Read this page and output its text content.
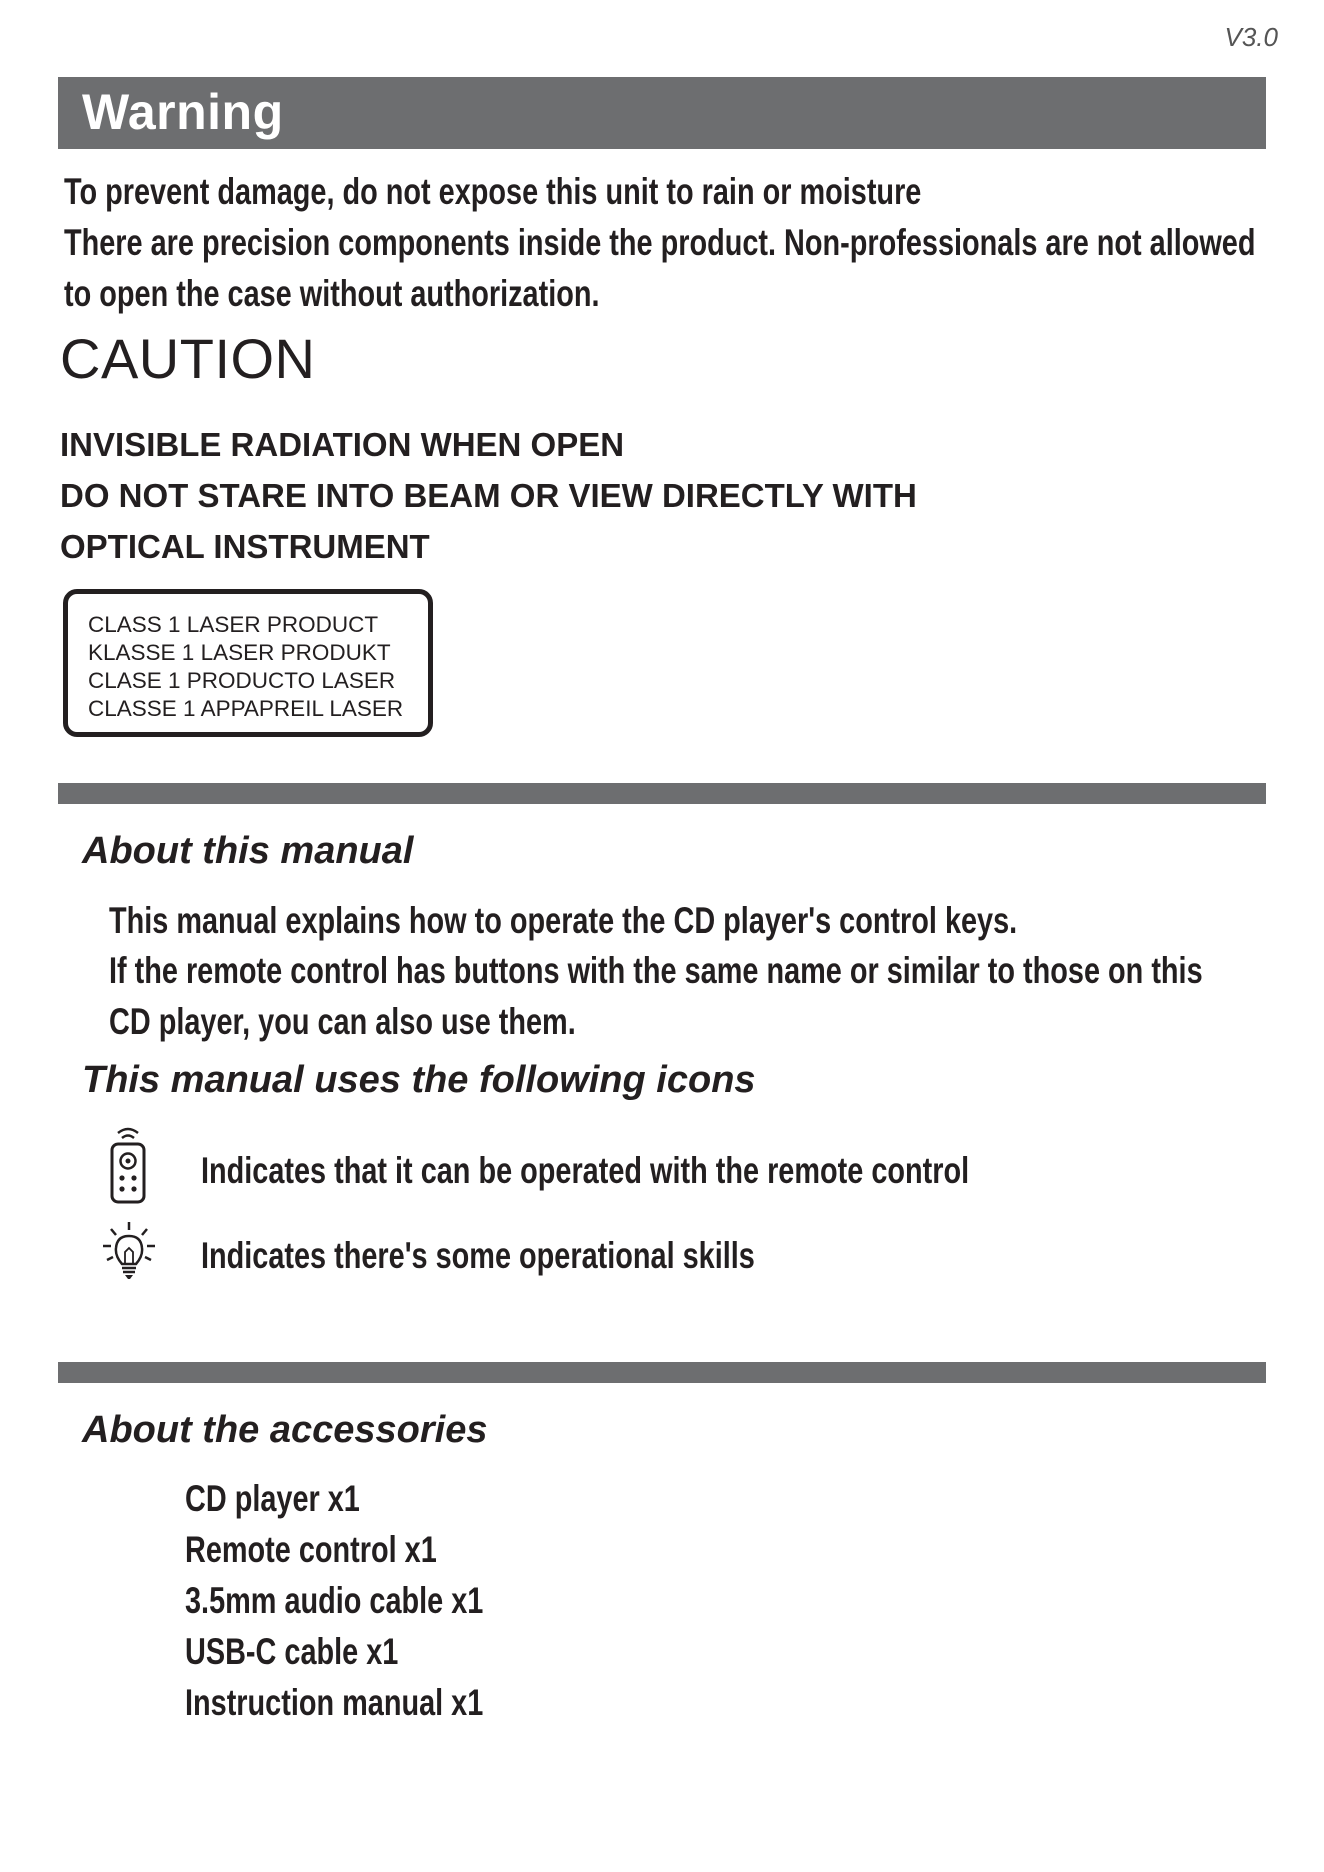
V3.0
Warning
To prevent damage, do not expose this unit to rain or moisture
There are precision components inside the product. Non-professionals are not allowed
to open the case without authorization.
CAUTION
INVISIBLE RADIATION WHEN OPEN
DO NOT STARE INTO BEAM OR VIEW DIRECTLY WITH
OPTICAL INSTRUMENT
CLASS 1 LASER PRODUCT
KLASSE 1 LASER PRODUKT
CLASE 1 PRODUCTO LASER
CLASSE 1 APPAPREIL LASER
About this manual
This manual explains how to operate the CD player's control keys.
If the remote control has buttons with the same name or similar to those on this
CD player, you can also use them.
This manual uses the following icons
Indicates that it can be operated with the remote control
Indicates there's some operational skills
About the accessories
CD player x1
Remote control x1
3.5mm audio cable x1
USB-C cable x1
Instruction manual x1
